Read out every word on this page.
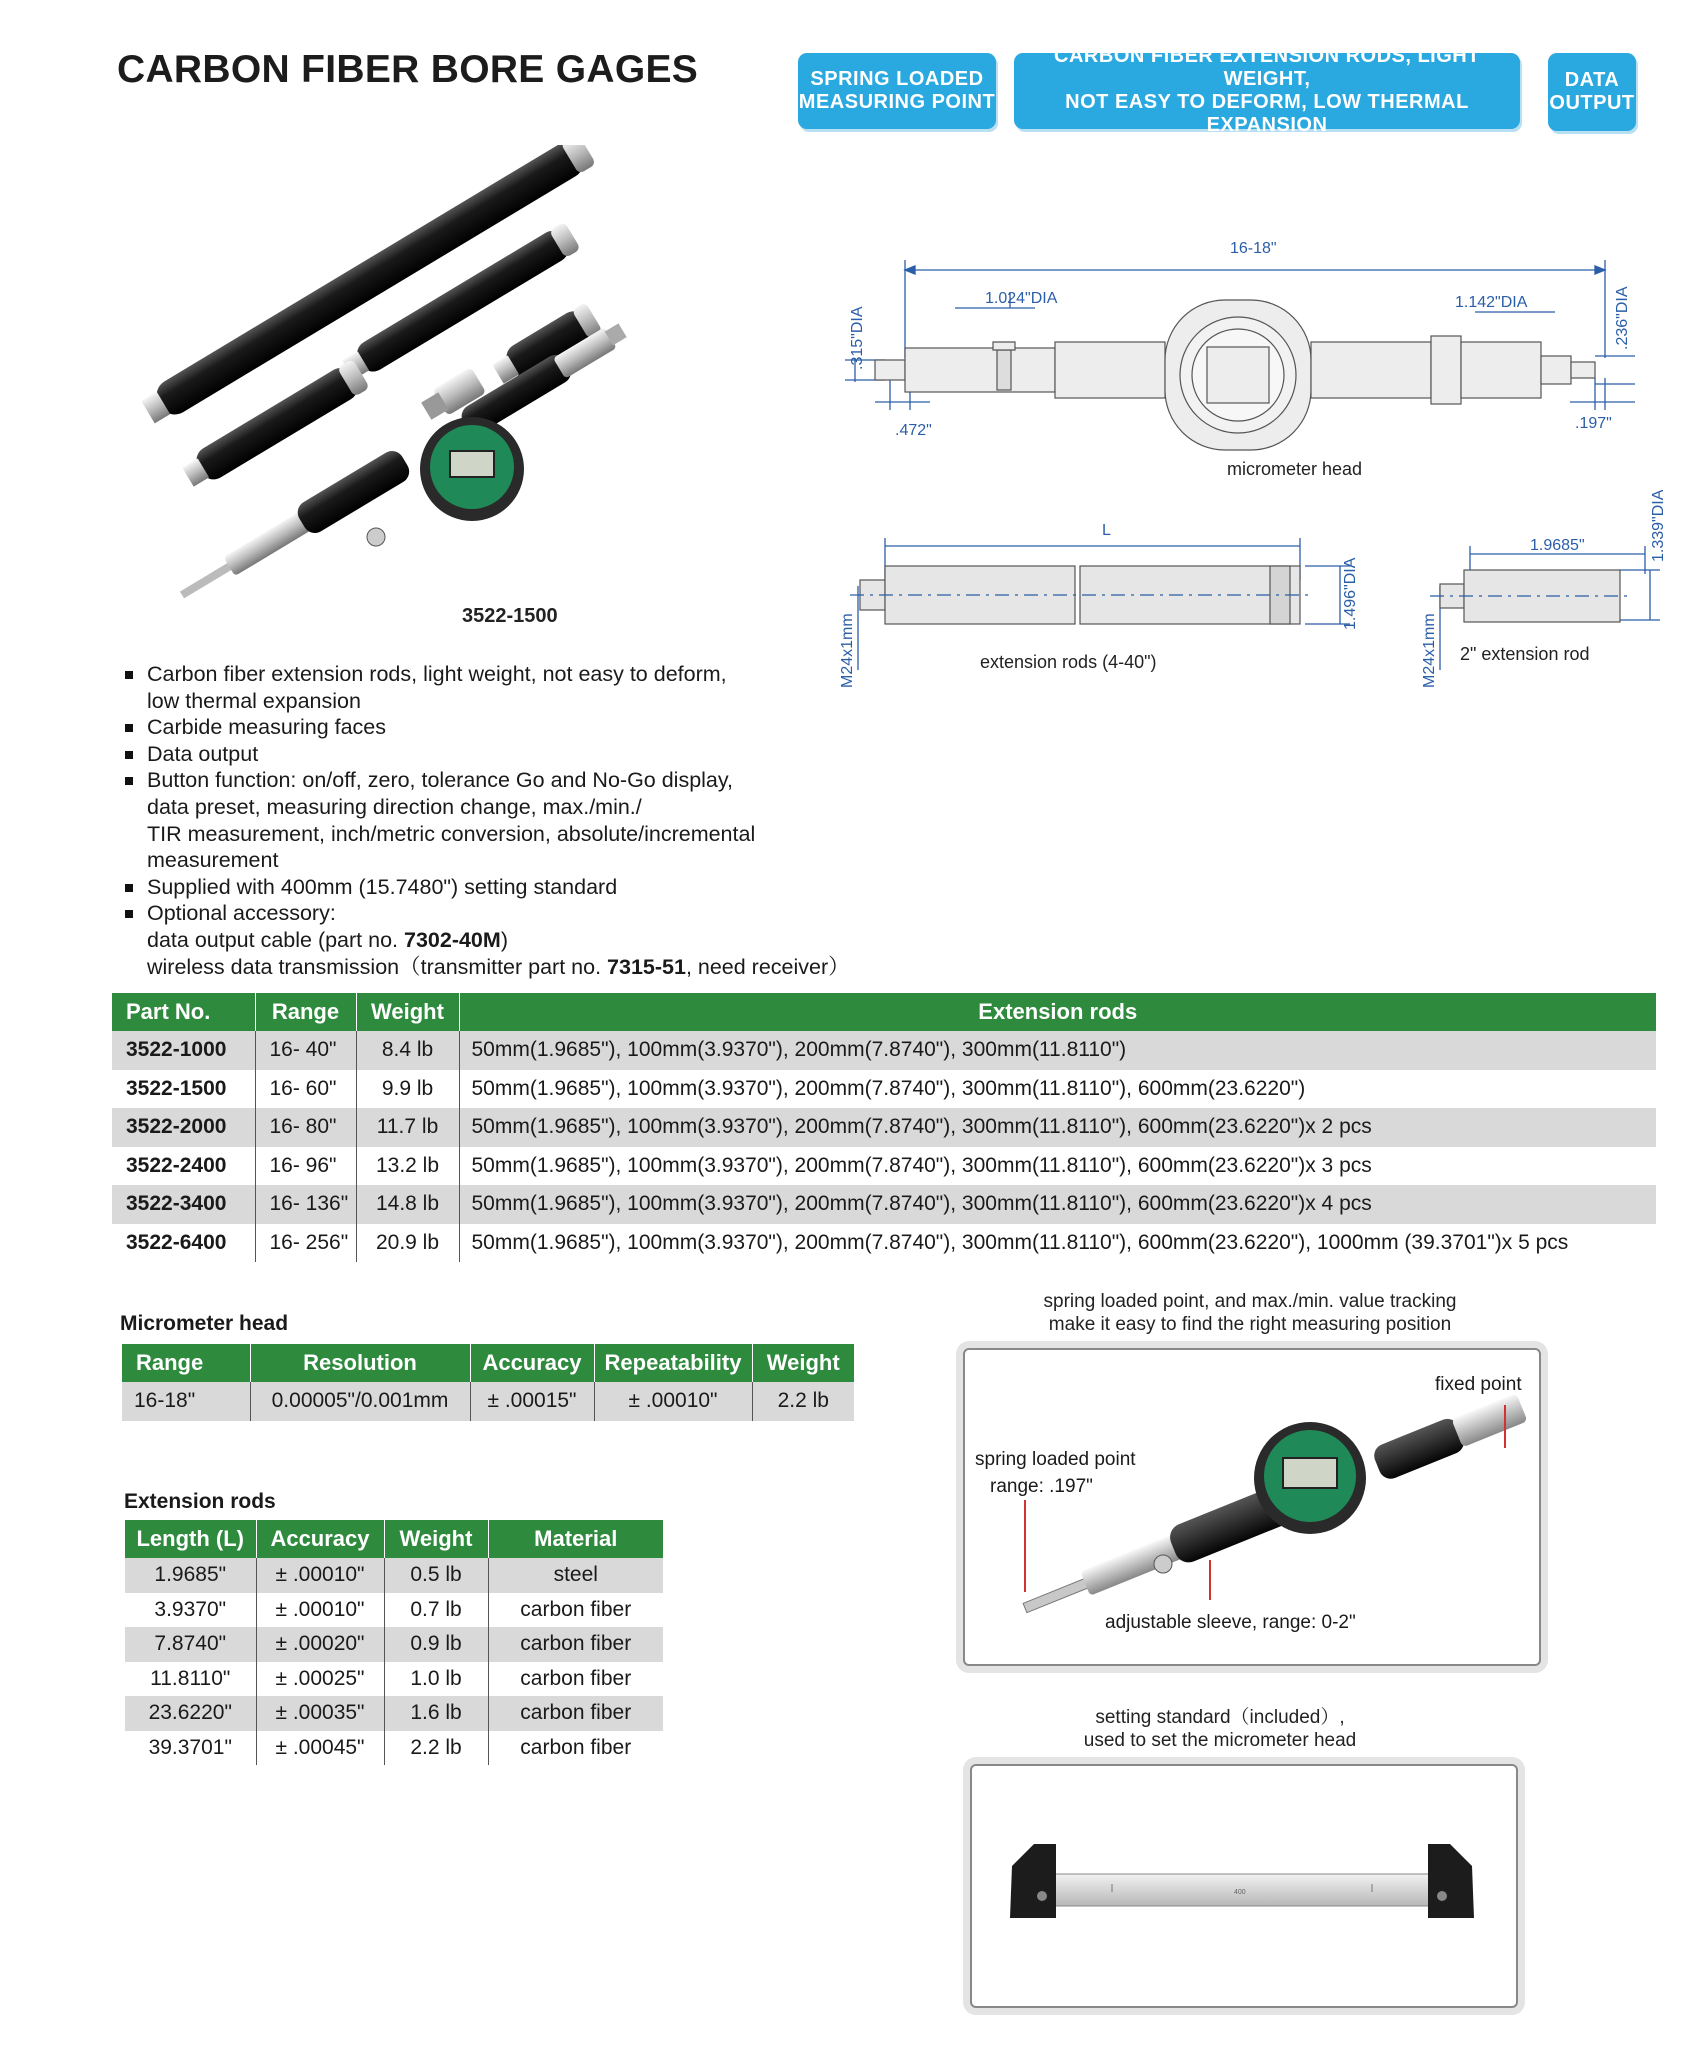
CARBON FIBER BORE GAGES	SPRING LOADED
MEASURING POINT
CARBON FIBER EXTENSION RODS, LIGHT WEIGHT,
NOT EASY TO DEFORM, LOW THERMAL EXPANSION
DATA
OUTPUT
3522-1500
16-18"
1.024"DIA	1.142"DIA
.315"DIA	.236"DIA
.472"	.197"
micrometer head
L
1.496"DIA
M24x1mm
1.9685"	1.339"DIA
M24x1mm
extension rods (4-40")	2" extension rod
Carbon fiber extension rods, light weight, not easy to deform,
low thermal expansion
Carbide measuring faces
Data output
Button function: on/off, zero, tolerance Go and No-Go display,
data preset, measuring direction change, max./min./
TIR measurement, inch/metric conversion, absolute/incremental
measurement
Supplied with 400mm (15.7480") setting standard
Optional accessory:
data output cable (part no. 7302-40M)
wireless data transmission（transmitter part no. 7315-51, need receiver）
Part No.	Range	Weight	Extension rods
3522-1000	16- 40"	8.4 lb	50mm(1.9685"), 100mm(3.9370"), 200mm(7.8740"), 300mm(11.8110")
3522-1500	16- 60"	9.9 lb	50mm(1.9685"), 100mm(3.9370"), 200mm(7.8740"), 300mm(11.8110"), 600mm(23.6220")
3522-2000	16- 80"	11.7 lb	50mm(1.9685"), 100mm(3.9370"), 200mm(7.8740"), 300mm(11.8110"), 600mm(23.6220")x 2 pcs
3522-2400	16- 96"	13.2 lb	50mm(1.9685"), 100mm(3.9370"), 200mm(7.8740"), 300mm(11.8110"), 600mm(23.6220")x 3 pcs
3522-3400	16- 136"	14.8 lb	50mm(1.9685"), 100mm(3.9370"), 200mm(7.8740"), 300mm(11.8110"), 600mm(23.6220")x 4 pcs
3522-6400	16- 256"	20.9 lb	50mm(1.9685"), 100mm(3.9370"), 200mm(7.8740"), 300mm(11.8110"), 600mm(23.6220"), 1000mm (39.3701")x 5 pcs
Micrometer head
Range	Resolution	Accuracy	Repeatability	Weight
16-18"	0.00005"/0.001mm	± .00015"	± .00010"	2.2 lb
Extension rods
Length (L)	Accuracy	Weight	Material
1.9685"	± .00010"	0.5 lb	steel
3.9370"	± .00010"	0.7 lb	carbon fiber
7.8740"	± .00020"	0.9 lb	carbon fiber
11.8110"	± .00025"	1.0 lb	carbon fiber
23.6220"	± .00035"	1.6 lb	carbon fiber
39.3701"	± .00045"	2.2 lb	carbon fiber
spring loaded point, and max./min. value tracking
make it easy to find the right measuring position
fixed point
spring loaded point
range: .197"
adjustable sleeve, range: 0-2"
setting standard（included）,
used to set the micrometer head
400
